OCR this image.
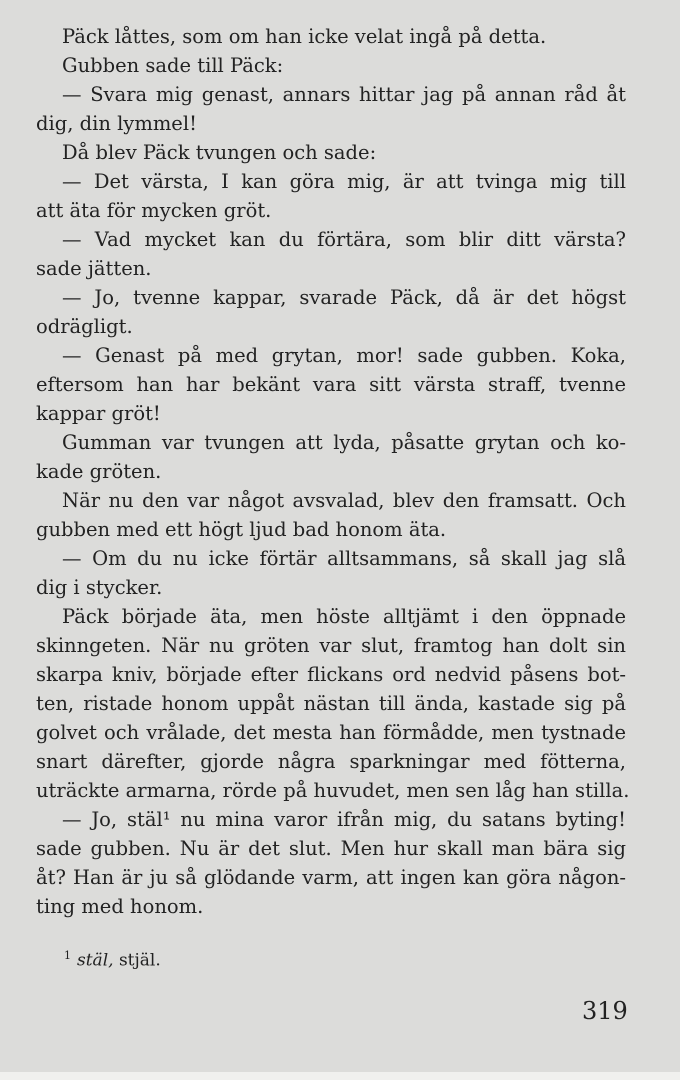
Päck låttes, som om han icke velat ingå på detta.
Gubben sade till Päck:
— Svara mig genast, annars hittar jag på annan råd åt
dig, din lymmel!
Då blev Päck tvungen och sade:
— Det värsta, I kan göra mig, är att tvinga mig till
att äta för mycken gröt.
— Vad mycket kan du förtära, som blir ditt värsta?
sade jätten.
— Jo, tvenne kappar, svarade Päck, då är det högst
odrägligt.
— Genast på med grytan, mor! sade gubben. Koka,
eftersom han har bekänt vara sitt värsta straff, tvenne
kappar gröt!
Gumman var tvungen att lyda, påsatte grytan och ko-
kade gröten.
När nu den var något avsvalad, blev den framsatt. Och
gubben med ett högt ljud bad honom äta.
— Om du nu icke förtär alltsammans, så skall jag slå
dig i stycker.
Päck började äta, men höste alltjämt i den öppnade
skinngeten. När nu gröten var slut, framtog han dolt sin
skarpa kniv, började efter flickans ord nedvid påsens bot-
ten, ristade honom uppåt nästan till ända, kastade sig på
golvet och vrålade, det mesta han förmådde, men tystnade
snart därefter, gjorde några sparkningar med fötterna,
uträckte armarna, rörde på huvudet, men sen låg han stilla.
— Jo, stäl¹ nu mina varor ifrån mig, du satans byting!
sade gubben. Nu är det slut. Men hur skall man bära sig
åt? Han är ju så glödande varm, att ingen kan göra någon-
ting med honom.
$^1$ stäl, stjäl.
319
